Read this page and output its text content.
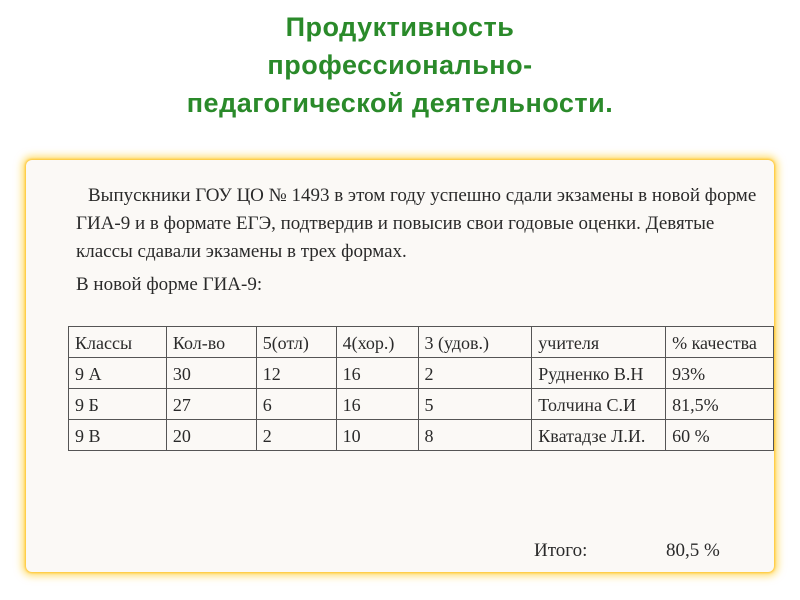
Продуктивность
профессионально-
педагогической деятельности.
Выпускники ГОУ ЦО № 1493 в этом году успешно сдали экзамены в новой форме ГИА-9 и в формате ЕГЭ, подтвердив и повысив свои годовые оценки. Девятые классы сдавали экзамены в трех формах.
В новой форме ГИА-9:
Классы	Кол-во	5(отл)	4(хор.)	3 (удов.)	учителя	% качества
9 А	30	12	16	2	Рудненко В.Н	93%
9 Б	27	6	16	5	Толчина С.И	81,5%
9 В	20	2	10	8	Кватадзе Л.И.	60 %
Итого:	80,5 %
